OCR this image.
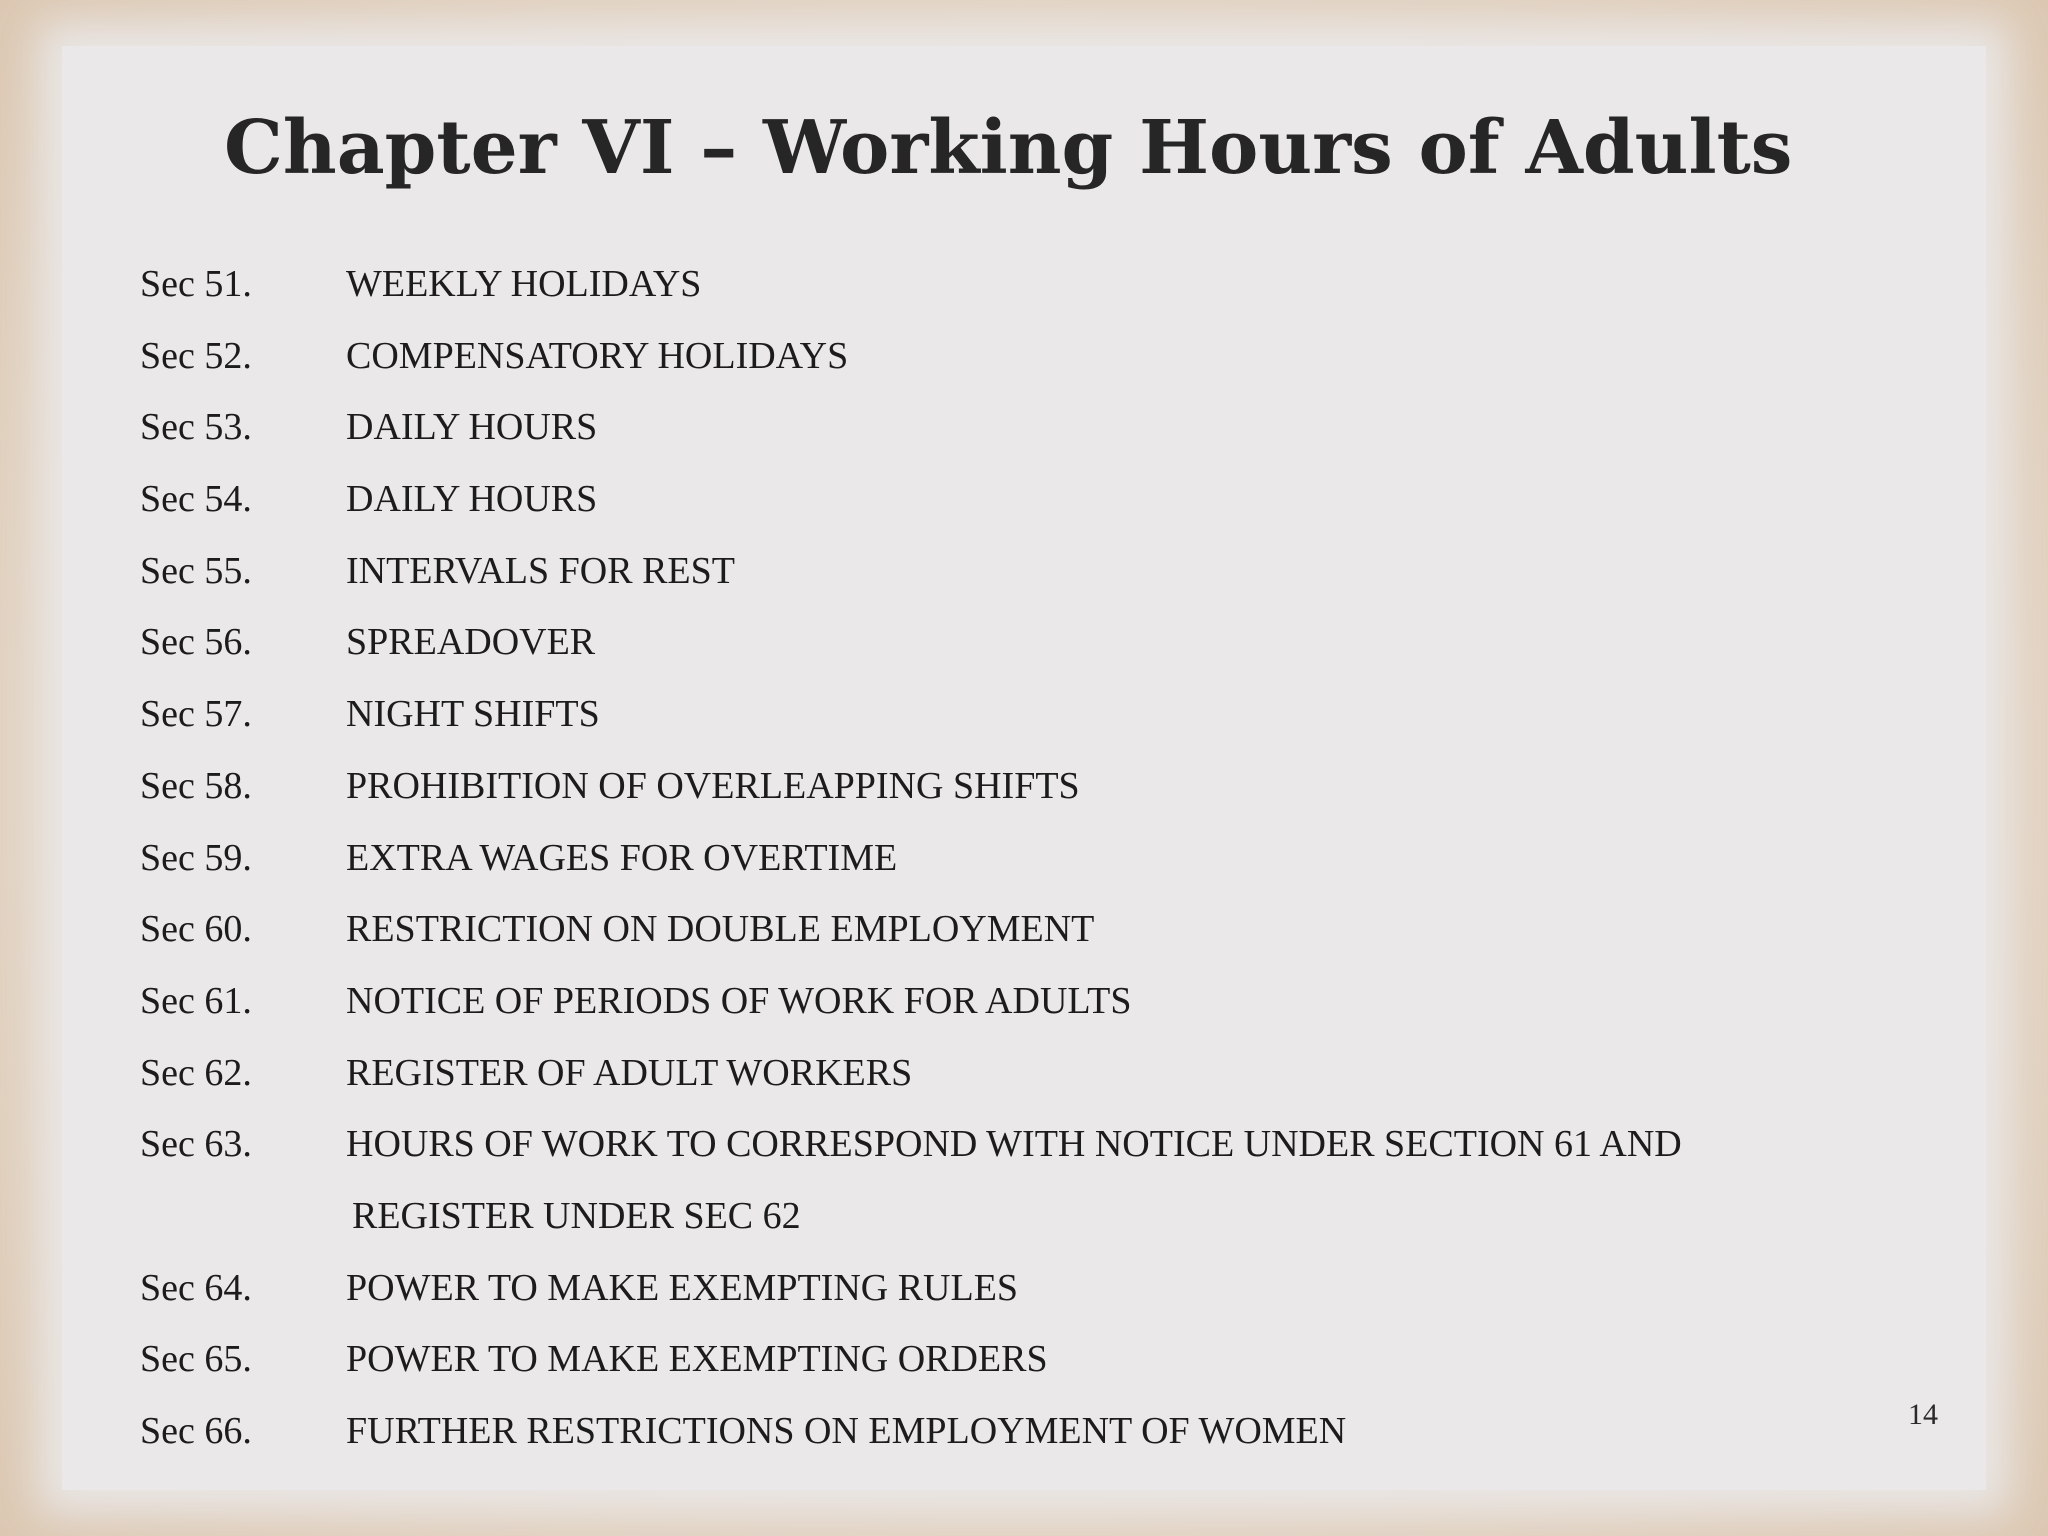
Chapter VI – Working Hours of Adults
Sec 51. WEEKLY HOLIDAYS
Sec 52. COMPENSATORY HOLIDAYS
Sec 53. DAILY HOURS
Sec 54. DAILY HOURS
Sec 55. INTERVALS FOR REST
Sec 56. SPREADOVER
Sec 57. NIGHT SHIFTS
Sec 58. PROHIBITION OF OVERLEAPPING SHIFTS
Sec 59. EXTRA WAGES FOR OVERTIME
Sec 60. RESTRICTION ON DOUBLE EMPLOYMENT
Sec 61. NOTICE OF PERIODS OF WORK FOR ADULTS
Sec 62. REGISTER OF ADULT WORKERS
Sec 63. HOURS OF WORK TO CORRESPOND WITH NOTICE UNDER SECTION 61 AND
REGISTER UNDER SEC 62
Sec 64. POWER TO MAKE EXEMPTING RULES
Sec 65. POWER TO MAKE EXEMPTING ORDERS
Sec 66. FURTHER RESTRICTIONS ON EMPLOYMENT OF WOMEN	14
